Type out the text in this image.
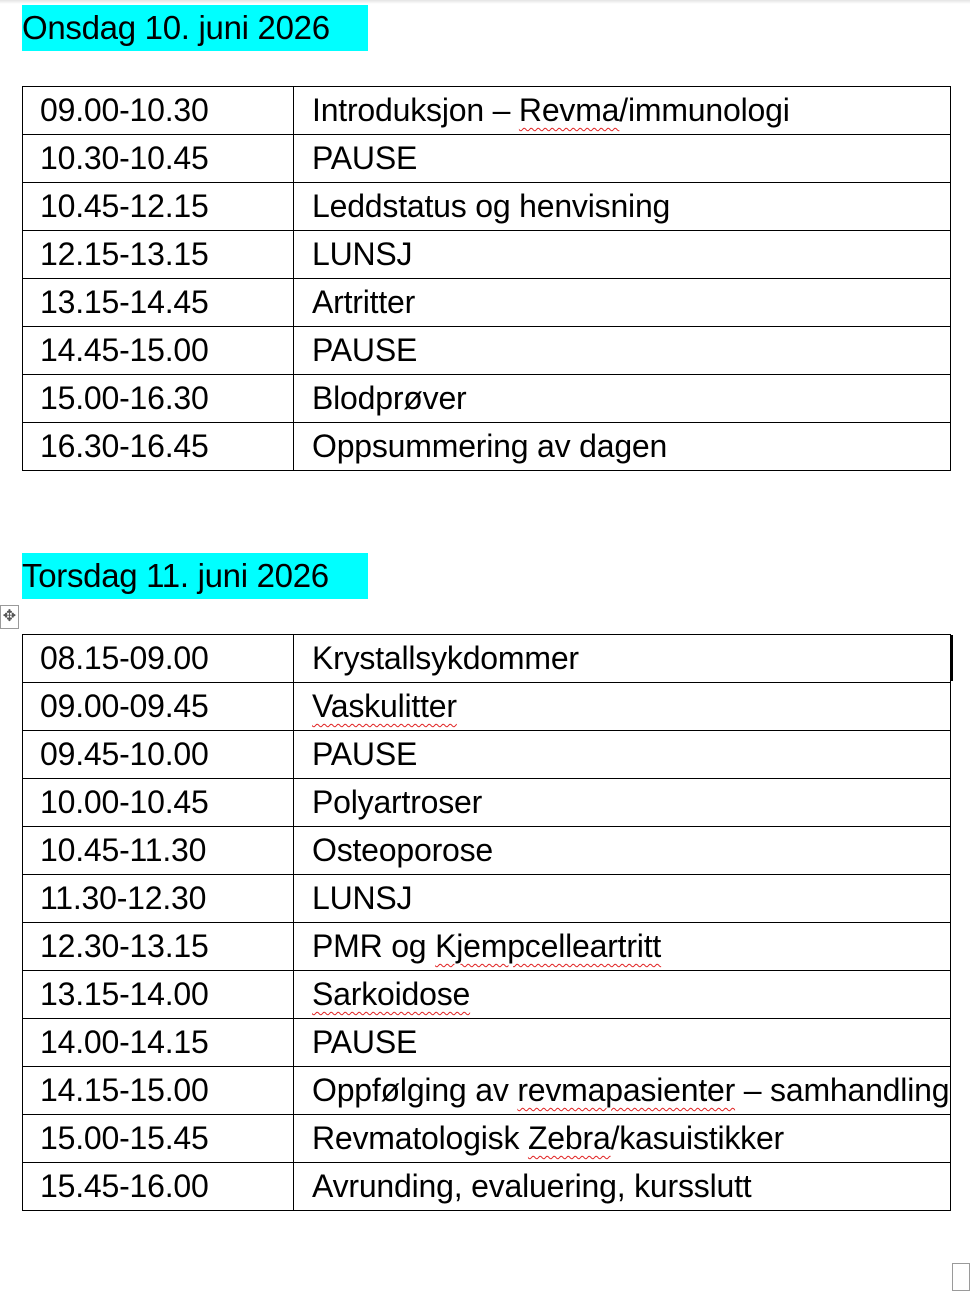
Onsdag 10. juni 2026
09.00-10.30	Introduksjon – Revma/immunologi
10.30-10.45	PAUSE
10.45-12.15	Leddstatus og henvisning
12.15-13.15	LUNSJ
13.15-14.45	Artritter
14.45-15.00	PAUSE
15.00-16.30	Blodprøver
16.30-16.45	Oppsummering av dagen
Torsdag 11. juni 2026
✥
08.15-09.00	Krystallsykdommer
09.00-09.45	Vaskulitter
09.45-10.00	PAUSE
10.00-10.45	Polyartroser
10.45-11.30	Osteoporose
11.30-12.30	LUNSJ
12.30-13.15	PMR og Kjempcelleartritt
13.15-14.00	Sarkoidose
14.00-14.15	PAUSE
14.15-15.00	Oppfølging av revmapasienter – samhandling
15.00-15.45	Revmatologisk Zebra/kasuistikker
15.45-16.00	Avrunding, evaluering, kursslutt
